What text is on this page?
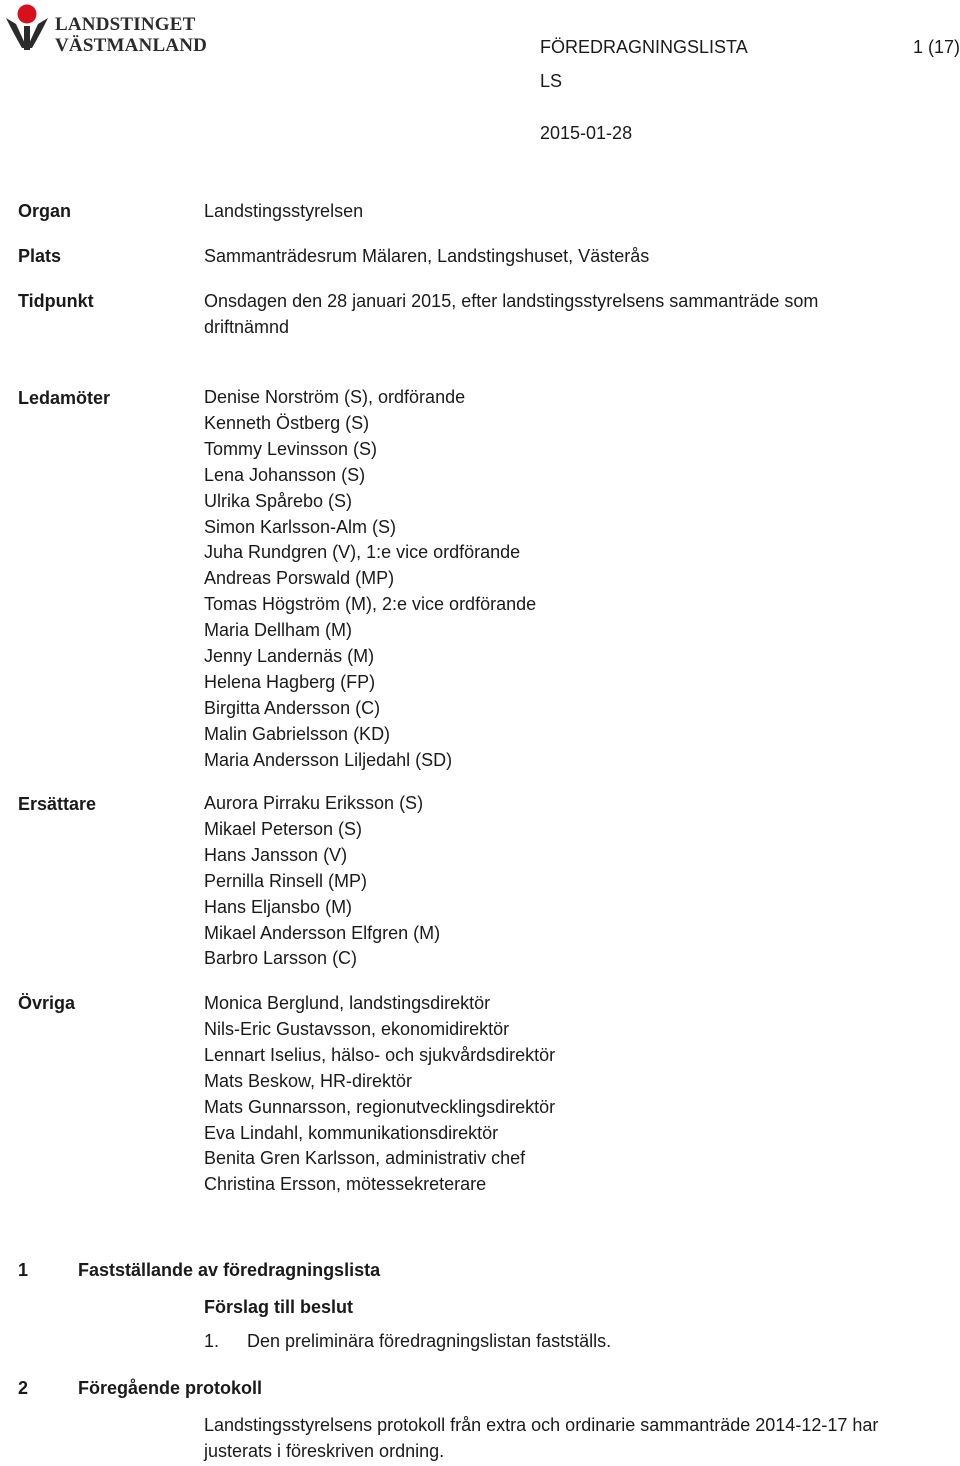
LANDSTINGET
VÄSTMANLAND	FÖREDRAGNINGSLISTA	1 (17)
LS
2015-01-28
Organ	Landstingsstyrelsen
Plats	Sammanträdesrum Mälaren, Landstingshuset, Västerås
Tidpunkt	Onsdagen den 28 januari 2015, efter landstingsstyrelsens sammanträde som
driftnämnd
Ledamöter	Denise Norström (S), ordförande
Kenneth Östberg (S)
Tommy Levinsson (S)
Lena Johansson (S)
Ulrika Spårebo (S)
Simon Karlsson-Alm (S)
Juha Rundgren (V), 1:e vice ordförande
Andreas Porswald (MP)
Tomas Högström (M), 2:e vice ordförande
Maria Dellham (M)
Jenny Landernäs (M)
Helena Hagberg (FP)
Birgitta Andersson (C)
Malin Gabrielsson (KD)
Maria Andersson Liljedahl (SD)
Ersättare	Aurora Pirraku Eriksson (S)
Mikael Peterson (S)
Hans Jansson (V)
Pernilla Rinsell (MP)
Hans Eljansbo (M)
Mikael Andersson Elfgren (M)
Barbro Larsson (C)
Övriga	Monica Berglund, landstingsdirektör
Nils-Eric Gustavsson, ekonomidirektör
Lennart Iselius, hälso- och sjukvårdsdirektör
Mats Beskow, HR-direktör
Mats Gunnarsson, regionutvecklingsdirektör
Eva Lindahl, kommunikationsdirektör
Benita Gren Karlsson, administrativ chef
Christina Ersson, mötessekreterare
1	Fastställande av föredragningslista
Förslag till beslut
1. Den preliminära föredragningslistan fastställs.
2	Föregående protokoll
Landstingsstyrelsens protokoll från extra och ordinarie sammanträde 2014-12-17 har
justerats i föreskriven ordning.
